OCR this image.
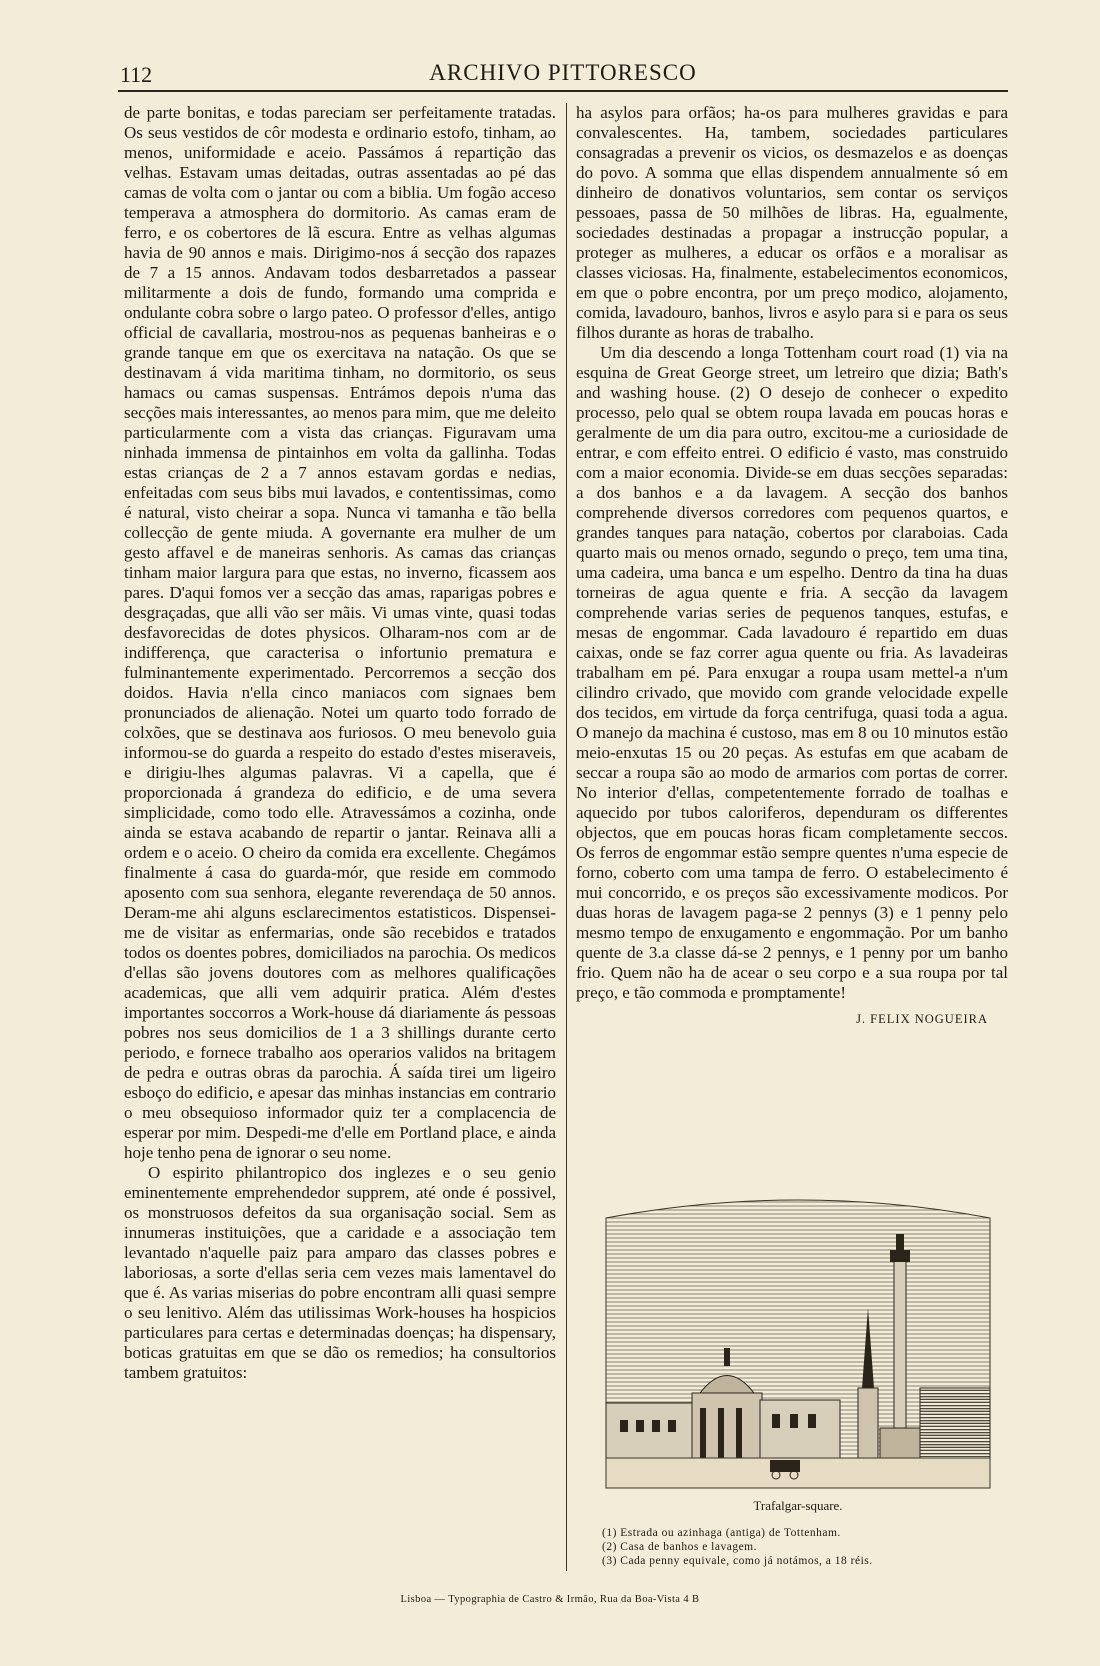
112	ARCHIVO PITTORESCO

de parte bonitas, e todas pareciam ser perfeitamente tratadas. Os seus vestidos de côr modesta e ordinario estofo, tinham, ao menos, uniformidade e aceio. Passámos á repartição das velhas. Estavam umas deitadas, outras assentadas ao pé das camas de volta com o jantar ou com a biblia. Um fogão acceso temperava a atmosphera do dormitorio. As camas eram de ferro, e os cobertores de lã escura. Entre as velhas algumas havia de 90 annos e mais. Dirigimo-nos á secção dos rapazes de 7 a 15 annos. Andavam todos desbarretados a passear militarmente a dois de fundo, formando uma comprida e ondulante cobra sobre o largo pateo. O professor d'elles, antigo official de cavallaria, mostrou-nos as pequenas banheiras e o grande tanque em que os exercitava na natação. Os que se destinavam á vida maritima tinham, no dormitorio, os seus hamacs ou camas suspensas. Entrámos depois n'uma das secções mais interessantes, ao menos para mim, que me deleito particularmente com a vista das crianças. Figuravam uma ninhada immensa de pintainhos em volta da gallinha. Todas estas crianças de 2 a 7 annos estavam gordas e nedias, enfeitadas com seus bibs mui lavados, e contentissimas, como é natural, visto cheirar a sopa. Nunca vi tamanha e tão bella collecção de gente miuda. A governante era mulher de um gesto affavel e de maneiras senhoris. As camas das crianças tinham maior largura para que estas, no inverno, ficassem aos pares. D'aqui fomos ver a secção das amas, raparigas pobres e desgraçadas, que alli vão ser mãis. Vi umas vinte, quasi todas desfavorecidas de dotes physicos. Olharam-nos com ar de indifferença, que caracterisa o infortunio prematura e fulminantemente experimentado. Percorremos a secção dos doidos. Havia n'ella cinco maniacos com signaes bem pronunciados de alienação. Notei um quarto todo forrado de colxões, que se destinava aos furiosos. O meu benevolo guia informou-se do guarda a respeito do estado d'estes miseraveis, e dirigiu-lhes algumas palavras. Vi a capella, que é proporcionada á grandeza do edificio, e de uma severa simplicidade, como todo elle. Atravessámos a cozinha, onde ainda se estava acabando de repartir o jantar. Reinava alli a ordem e o aceio. O cheiro da comida era excellente. Chegámos finalmente á casa do guarda-mór, que reside em commodo aposento com sua senhora, elegante reverendaça de 50 annos. Deram-me ahi alguns esclarecimentos estatisticos. Dispensei-me de visitar as enfermarias, onde são recebidos e tratados todos os doentes pobres, domiciliados na parochia. Os medicos d'ellas são jovens doutores com as melhores qualificações academicas, que alli vem adquirir pratica. Além d'estes importantes soccorros a Work-house dá diariamente ás pessoas pobres nos seus domicilios de 1 a 3 shillings durante certo periodo, e fornece trabalho aos operarios validos na britagem de pedra e outras obras da parochia. Á saída tirei um ligeiro esboço do edificio, e apesar das minhas instancias em contrario o meu obsequioso informador quiz ter a complacencia de esperar por mim. Despedi-me d'elle em Portland place, e ainda hoje tenho pena de ignorar o seu nome.

O espirito philantropico dos inglezes e o seu genio eminentemente emprehendedor supprem, até onde é possivel, os monstruosos defeitos da sua organisação social. Sem as innumeras instituições, que a caridade e a associação tem levantado n'aquelle paiz para amparo das classes pobres e laboriosas, a sorte d'ellas seria cem vezes mais lamentavel do que é. As varias miserias do pobre encontram alli quasi sempre o seu lenitivo. Além das utilissimas Work-houses ha hospicios particulares para certas e determinadas doenças; ha dispensary, boticas gratuitas em que se dão os remedios; ha consultorios tambem gratuitos:

ha asylos para orfãos; ha-os para mulheres gravidas e para convalescentes. Ha, tambem, sociedades particulares consagradas a prevenir os vicios, os desmazelos e as doenças do povo. A somma que ellas dispendem annualmente só em dinheiro de donativos voluntarios, sem contar os serviços pessoaes, passa de 50 milhões de libras. Ha, egualmente, sociedades destinadas a propagar a instrucção popular, a proteger as mulheres, a educar os orfãos e a moralisar as classes viciosas. Ha, finalmente, estabelecimentos economicos, em que o pobre encontra, por um preço modico, alojamento, comida, lavadouro, banhos, livros e asylo para si e para os seus filhos durante as horas de trabalho.

Um dia descendo a longa Tottenham court road (1) via na esquina de Great George street, um letreiro que dizia; Bath's and washing house. (2) O desejo de conhecer o expedito processo, pelo qual se obtem roupa lavada em poucas horas e geralmente de um dia para outro, excitou-me a curiosidade de entrar, e com effeito entrei. O edificio é vasto, mas construido com a maior economia. Divide-se em duas secções separadas: a dos banhos e a da lavagem. A secção dos banhos comprehende diversos corredores com pequenos quartos, e grandes tanques para natação, cobertos por claraboias. Cada quarto mais ou menos ornado, segundo o preço, tem uma tina, uma cadeira, uma banca e um espelho. Dentro da tina ha duas torneiras de agua quente e fria. A secção da lavagem comprehende varias series de pequenos tanques, estufas, e mesas de engommar. Cada lavadouro é repartido em duas caixas, onde se faz correr agua quente ou fria. As lavadeiras trabalham em pé. Para enxugar a roupa usam mettel-a n'um cilindro crivado, que movido com grande velocidade expelle dos tecidos, em virtude da força centrifuga, quasi toda a agua. O manejo da machina é custoso, mas em 8 ou 10 minutos estão meio-enxutas 15 ou 20 peças. As estufas em que acabam de seccar a roupa são ao modo de armarios com portas de correr. No interior d'ellas, competentemente forrado de toalhas e aquecido por tubos caloriferos, dependuram os differentes objectos, que em poucas horas ficam completamente seccos. Os ferros de engommar estão sempre quentes n'uma especie de forno, coberto com uma tampa de ferro. O estabelecimento é mui concorrido, e os preços são excessivamente modicos. Por duas horas de lavagem paga-se 2 pennys (3) e 1 penny pelo mesmo tempo de enxugamento e engommação. Por um banho quente de 3.a classe dá-se 2 pennys, e 1 penny por um banho frio. Quem não ha de acear o seu corpo e a sua roupa por tal preço, e tão commoda e promptamente!

J. FELIX NOGUEIRA
Trafalgar-square.
(1) Estrada ou azinhaga (antiga) de Tottenham.
(2) Casa de banhos e lavagem.
(3) Cada penny equivale, como já notámos, a 18 réis.
Lisboa — Typographia de Castro & Irmão, Rua da Boa-Vista 4 B
